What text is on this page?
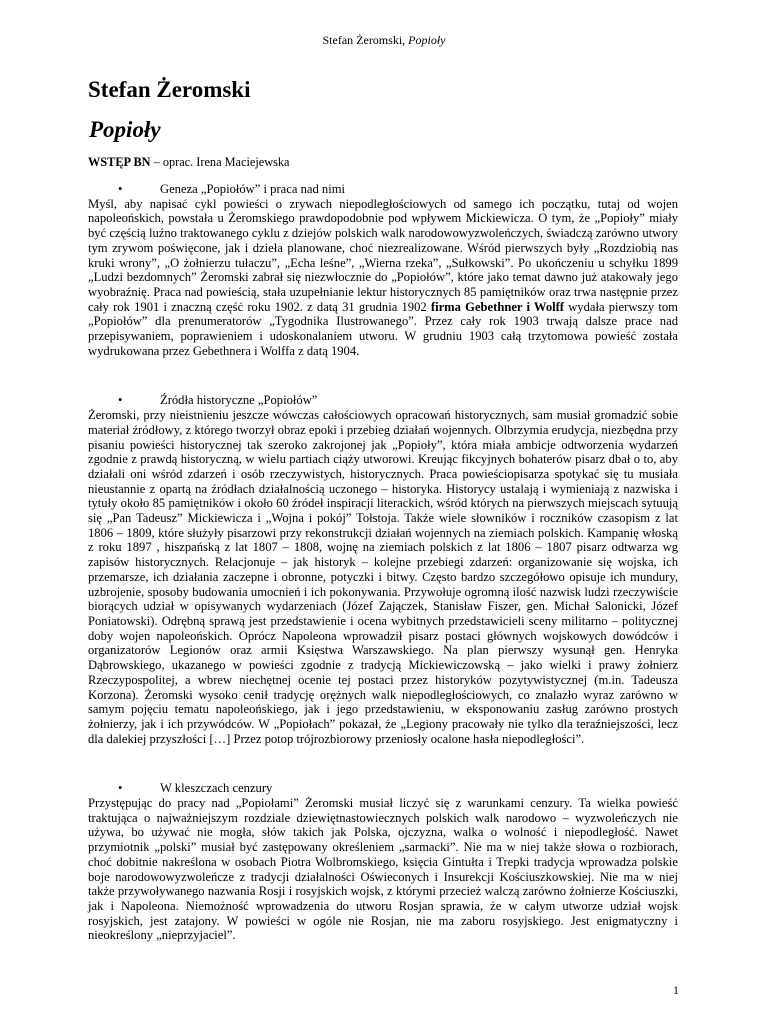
Stefan Żeromski, Popioły
Stefan Żeromski
Popioły
WSTĘP BN – oprac. Irena Maciejewska
•	Geneza „Popiołów” i praca nad nimi

Myśl, aby napisać cykl powieści o zrywach niepodległościowych od samego ich początku, tutaj od wojen napoleońskich, powstała u Żeromskiego prawdopodobnie pod wpływem Mickiewicza. O tym, że „Popioły” miały być częścią luźno traktowanego cyklu z dziejów polskich walk narodowowyzwoleńczych, świadczą zarówno utwory tym zrywom poświęcone, jak i dzieła planowane, choć niezrealizowane. Wśród pierwszych były „Rozdziobią nas kruki wrony”, „O żołnierzu tułaczu”, „Echa leśne”, „Wierna rzeka”, „Sułkowski”. Po ukończeniu u schyłku 1899 „Ludzi bezdomnych” Żeromski zabrał się niezwłocznie do „Popiołów”, które jako temat dawno już atakowały jego wyobraźnię. Praca nad powieścią, stała uzupełnianie lektur historycznych 85 pamiętników oraz trwa następnie przez cały rok 1901 i znaczną część roku 1902. z datą 31 grudnia 1902 firma Gebethner i Wolff wydała pierwszy tom „Popiołów” dla prenumeratorów „Tygodnika Ilustrowanego”. Przez cały rok 1903 trwają dalsze prace nad przepisywaniem, poprawieniem i udoskonalaniem utworu. W grudniu 1903 całą trzytomowa powieść została wydrukowana przez Gebethnera i Wolffa z datą 1904.

•	Źródła historyczne „Popiołów”

Żeromski, przy nieistnieniu jeszcze wówczas całościowych opracowań historycznych, sam musiał gromadzić sobie materiał źródłowy, z którego tworzył obraz epoki i przebieg działań wojennych. Olbrzymia erudycja, niezbędna przy pisaniu powieści historycznej tak szeroko zakrojonej jak „Popioły”, która miała ambicje odtworzenia wydarzeń zgodnie z prawdą historyczną, w wielu partiach ciąży utworowi. Kreując fikcyjnych bohaterów pisarz dbał o to, aby działali oni wśród zdarzeń i osób rzeczywistych, historycznych. Praca powieściopisarza spotykać się tu musiała nieustannie z opartą na źródłach działalnością uczonego – historyka. Historycy ustalają i wymieniają z nazwiska i tytuły około 85 pamiętników i około 60 źródeł inspiracji literackich, wśród których na pierwszych miejscach sytuują się „Pan Tadeusz” Mickiewicza i „Wojna i pokój” Tołstoja. Także wiele słowników i roczników czasopism z lat 1806 – 1809, które służyły pisarzowi przy rekonstrukcji działań wojennych na ziemiach polskich. Kampanię włoską z roku 1897 , hiszpańską z lat 1807 – 1808, wojnę na ziemiach polskich z lat 1806 – 1807 pisarz odtwarza wg zapisów historycznych. Relacjonuje – jak historyk – kolejne przebiegi zdarzeń: organizowanie się wojska, ich przemarsze, ich działania zaczepne i obronne, potyczki i bitwy. Często bardzo szczegółowo opisuje ich mundury, uzbrojenie, sposoby budowania umocnień i ich pokonywania. Przywołuje ogromną ilość nazwisk ludzi rzeczywiście biorących udział w opisywanych wydarzeniach (Józef Zajączek, Stanisław Fiszer, gen. Michał Salonicki, Józef Poniatowski). Odrębną sprawą jest przedstawienie i ocena wybitnych przedstawicieli sceny militarno – politycznej doby wojen napoleońskich. Oprócz Napoleona wprowadził pisarz postaci głównych wojskowych dowódców i organizatorów Legionów oraz armii Księstwa Warszawskiego. Na plan pierwszy wysunął gen. Henryka Dąbrowskiego, ukazanego w powieści zgodnie z tradycją Mickiewiczowską – jako wielki i prawy żołnierz Rzeczypospolitej, a wbrew niechętnej ocenie tej postaci przez historyków pozytywistycznej (m.in. Tadeusza Korzona). Żeromski wysoko cenił tradycję orężnych walk niepodległościowych, co znalazło wyraz zarówno w samym pojęciu tematu napoleońskiego, jak i jego przedstawieniu, w eksponowaniu zasług zarówno prostych żołnierzy, jak i ich przywódców. W „Popiołach” pokazał, że „Legiony pracowały nie tylko dla teraźniejszości, lecz dla dalekiej przyszłości […] Przez potop trójrozbiorowy przeniosły ocalone hasła niepodległości”.

•	W kleszczach cenzury

Przystępując do pracy nad „Popiołami” Żeromski musiał liczyć się z warunkami cenzury. Ta wielka powieść traktująca o najważniejszym rozdziale dziewiętnastowiecznych polskich walk narodowo – wyzwoleńczych nie używa, bo używać nie mogła, słów takich jak Polska, ojczyzna, walka o wolność i niepodległość. Nawet przymiotnik „polski” musiał być zastępowany określeniem „sarmacki”. Nie ma w niej także słowa o rozbiorach, choć dobitnie nakreślona w osobach Piotra Wolbromskiego, księcia Gintułta i Trepki tradycja wprowadza polskie boje narodowowyzwoleńcze z tradycji działalności Oświeconych i Insurekcji Kościuszkowskiej. Nie ma w niej także przywoływanego nazwania Rosji i rosyjskich wojsk, z którymi przecież walczą zarówno żołnierze Kościuszki, jak i Napoleona. Niemożność wprowadzenia do utworu Rosjan sprawia, że w całym utworze udział wojsk rosyjskich, jest zatajony. W powieści w ogóle nie Rosjan, nie ma zaboru rosyjskiego. Jest enigmatyczny i nieokreślony „nieprzyjaciel”.

1
